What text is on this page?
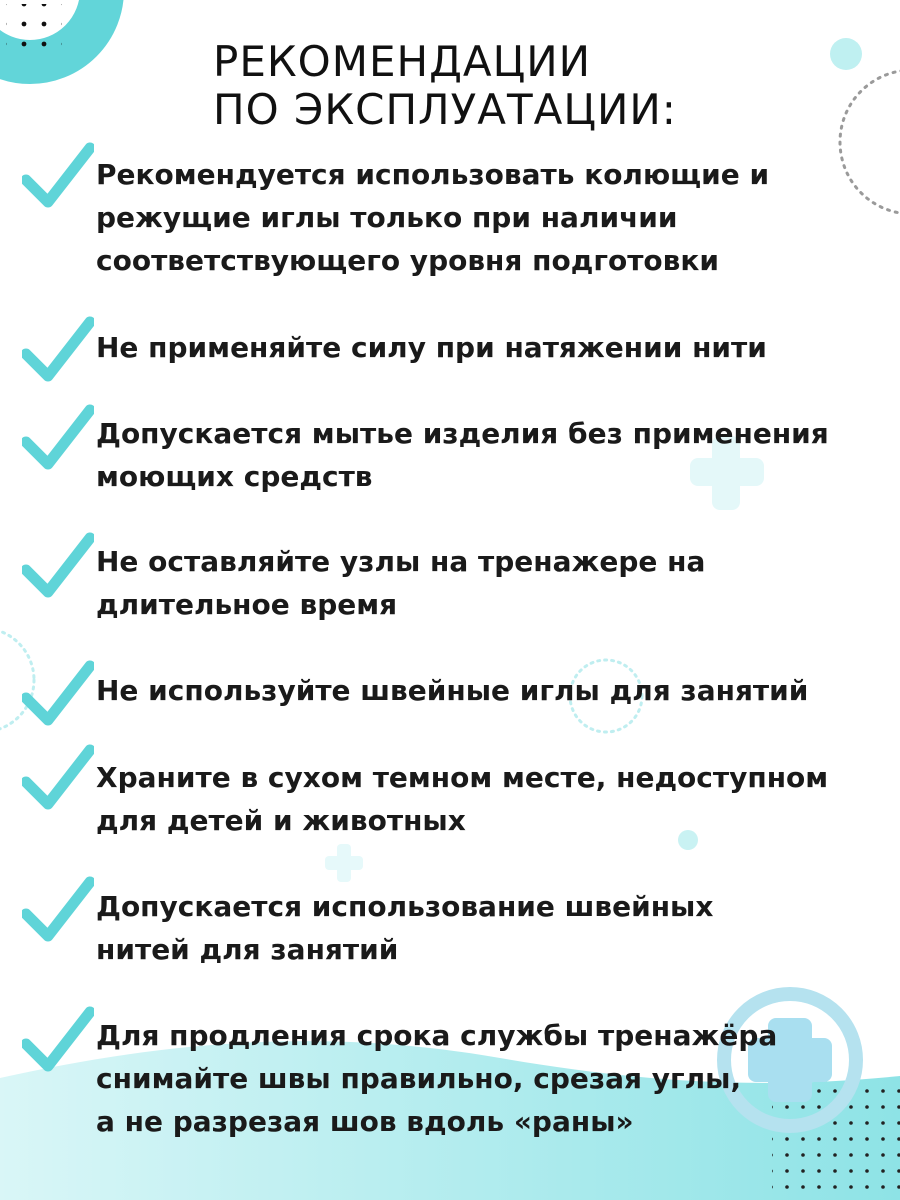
РЕКОМЕНДАЦИИ
ПО ЭКСПЛУАТАЦИИ:

Рекомендуется использовать колющие и
режущие иглы только при наличии
соответствующего уровня подготовки

Не применяйте силу при натяжении нити

Допускается мытье изделия без применения
моющих средств

Не оставляйте узлы на тренажере на
длительное время

Не используйте швейные иглы для занятий

Храните в сухом темном месте, недоступном
для детей и животных

Допускается использование швейных
нитей для занятий

Для продления срока службы тренажёра
снимайте швы правильно, срезая углы,
а не разрезая шов вдоль «раны»
